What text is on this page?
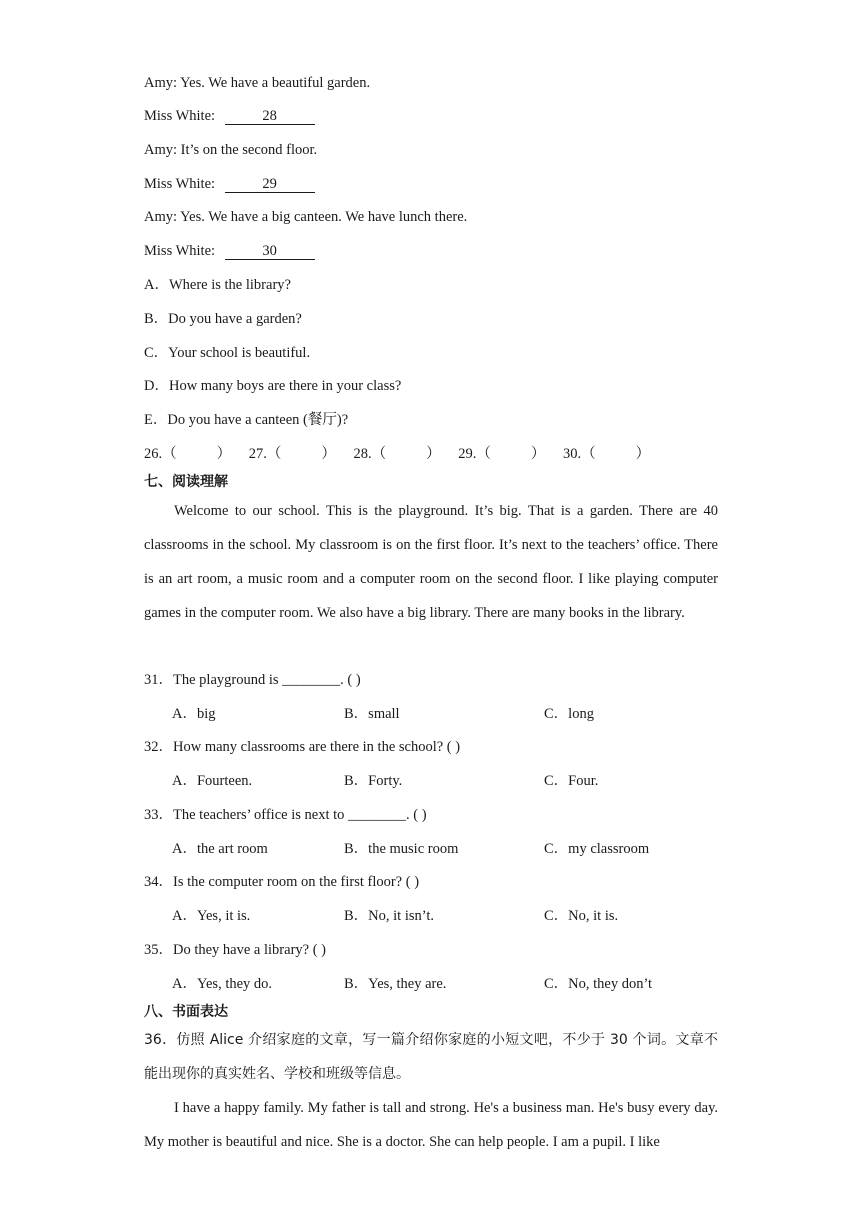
Amy: Yes. We have a beautiful garden.
Miss White:	28
Amy: It’s on the second floor.
Miss White:	29
Amy: Yes. We have a big canteen. We have lunch there.
Miss White:	30
A．Where is the library?
B．Do you have a garden?
C．Your school is beautiful.
D．How many boys are there in your class?
E．Do you have a canteen (餐厅)?
26.（	） 27.（	） 28.（	） 29.（	） 30.（	）
七、阅读理解
Welcome to our school. This is the playground. It’s big. That is a garden. There are 40 classrooms in the school. My classroom is on the first floor. It’s next to the teachers’ office. There is an art room, a music room and a computer room on the second floor. I like playing computer games in the computer room. We also have a big library. There are many books in the library.
31．The playground is ________. ( )
A．big	B．small	C．long
32．How many classrooms are there in the school? ( )
A．Fourteen.	B．Forty.	C．Four.
33．The teachers’ office is next to ________. ( )
A．the art room	B．the music room	C．my classroom
34．Is the computer room on the first floor? ( )
A．Yes, it is.	B．No, it isn’t.	C．No, it is.
35．Do they have a library? ( )
A．Yes, they do.	B．Yes, they are.	C．No, they don’t
八、书面表达
36．仿照 Alice 介绍家庭的文章，写一篇介绍你家庭的小短文吧，不少于 30 个词。文章不能出现你的真实姓名、学校和班级等信息。
I have a happy family. My father is tall and strong. He's a business man. He's busy every day. My mother is beautiful and nice. She is a doctor. She can help people. I am a pupil. I like
